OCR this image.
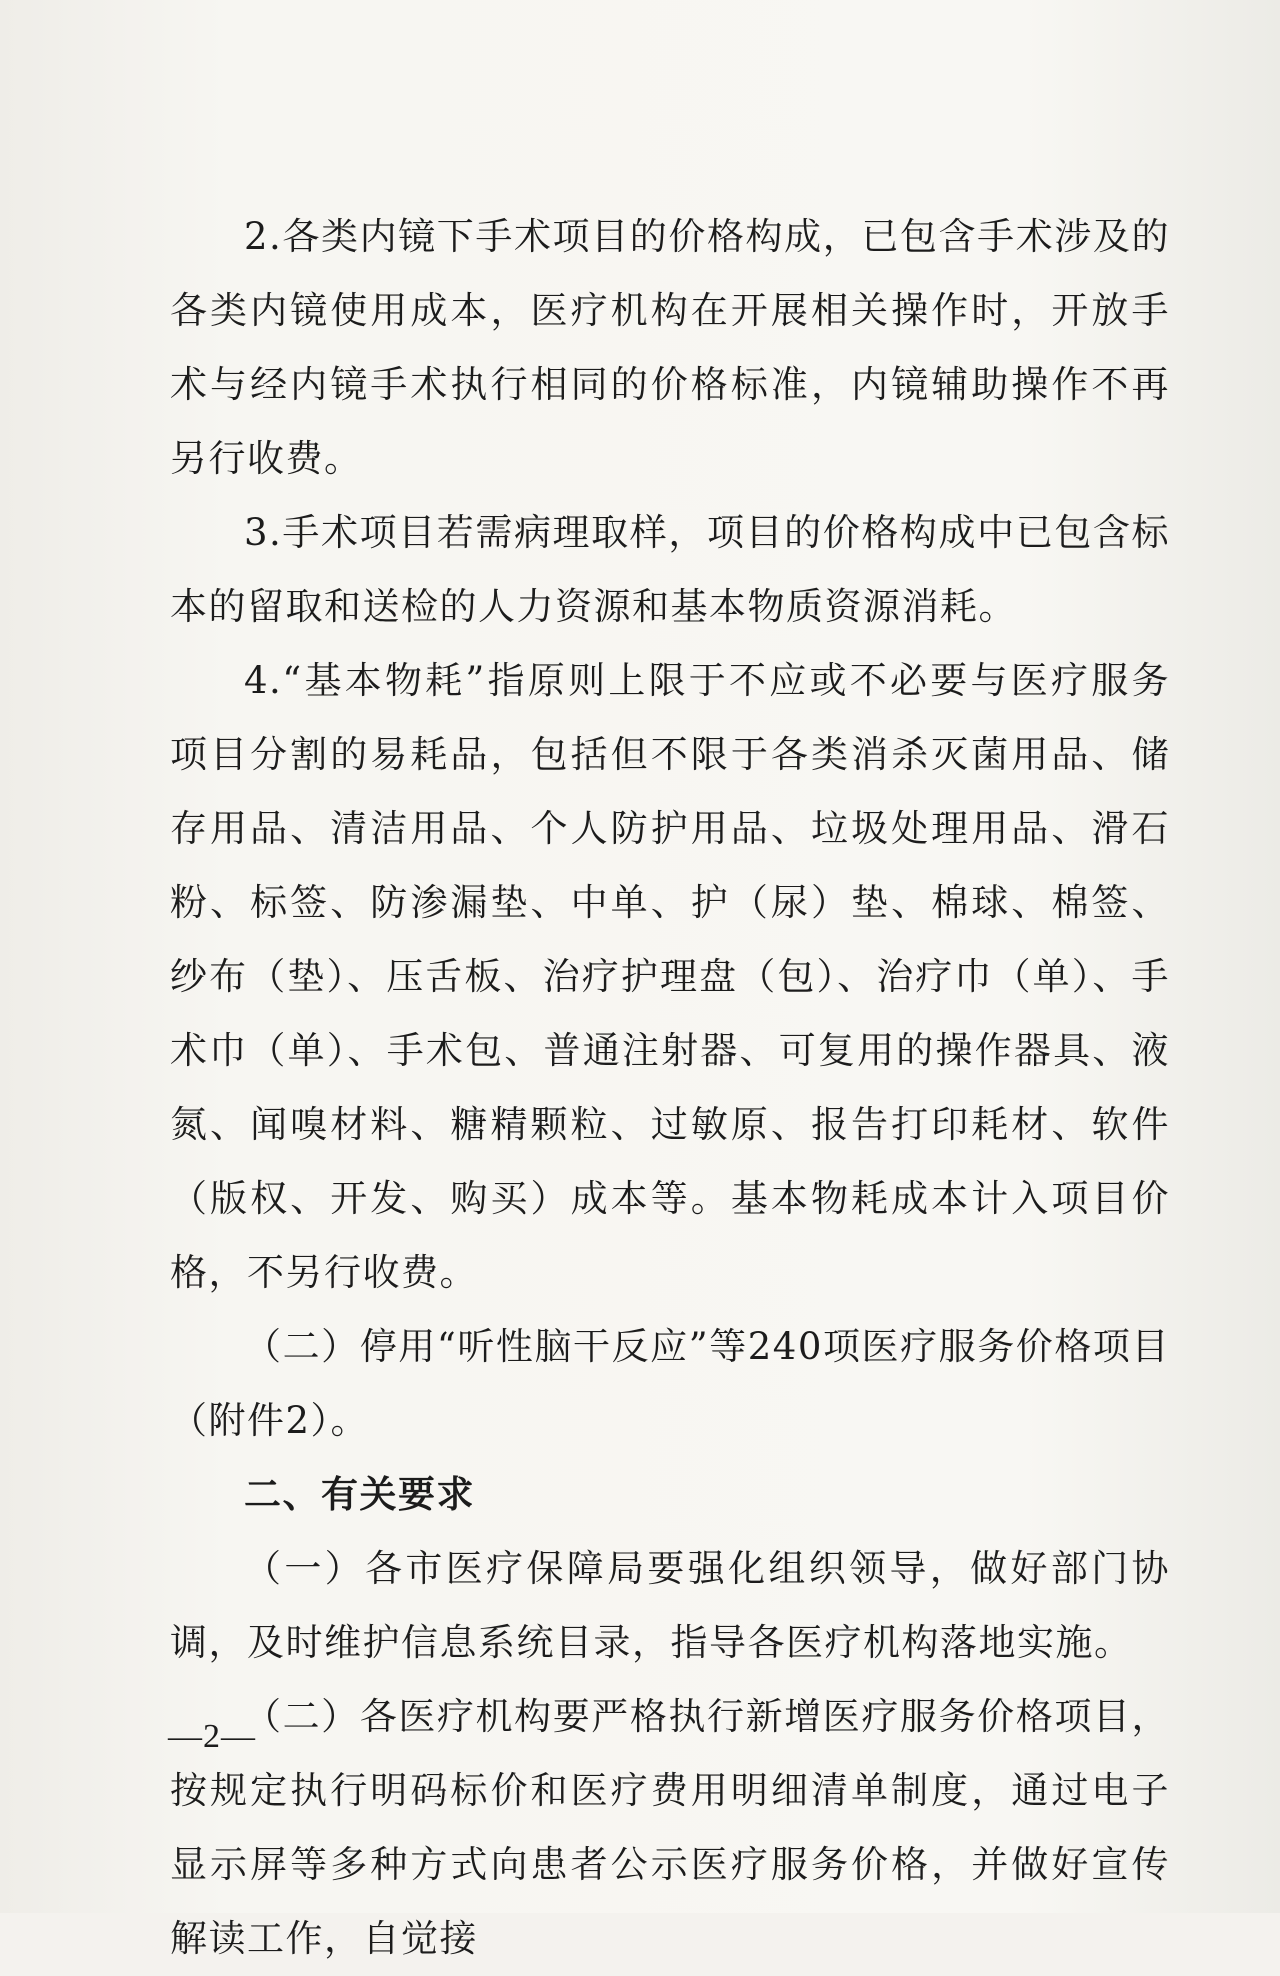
2.各类内镜下手术项目的价格构成，已包含手术涉及的各类内镜使用成本，医疗机构在开展相关操作时，开放手术与经内镜手术执行相同的价格标准，内镜辅助操作不再另行收费。

3.手术项目若需病理取样，项目的价格构成中已包含标本的留取和送检的人力资源和基本物质资源消耗。

4.“基本物耗”指原则上限于不应或不必要与医疗服务项目分割的易耗品，包括但不限于各类消杀灭菌用品、储存用品、清洁用品、个人防护用品、垃圾处理用品、滑石粉、标签、防渗漏垫、中单、护（尿）垫、棉球、棉签、纱布（垫）、压舌板、治疗护理盘（包）、治疗巾（单）、手术巾（单）、手术包、普通注射器、可复用的操作器具、液氮、闻嗅材料、糖精颗粒、过敏原、报告打印耗材、软件（版权、开发、购买）成本等。基本物耗成本计入项目价格，不另行收费。

（二）停用“听性脑干反应”等240项医疗服务价格项目（附件2）。

二、有关要求

（一）各市医疗保障局要强化组织领导，做好部门协调，及时维护信息系统目录，指导各医疗机构落地实施。

（二）各医疗机构要严格执行新增医疗服务价格项目，按规定执行明码标价和医疗费用明细清单制度，通过电子显示屏等多种方式向患者公示医疗服务价格，并做好宣传解读工作，自觉接

—2—
